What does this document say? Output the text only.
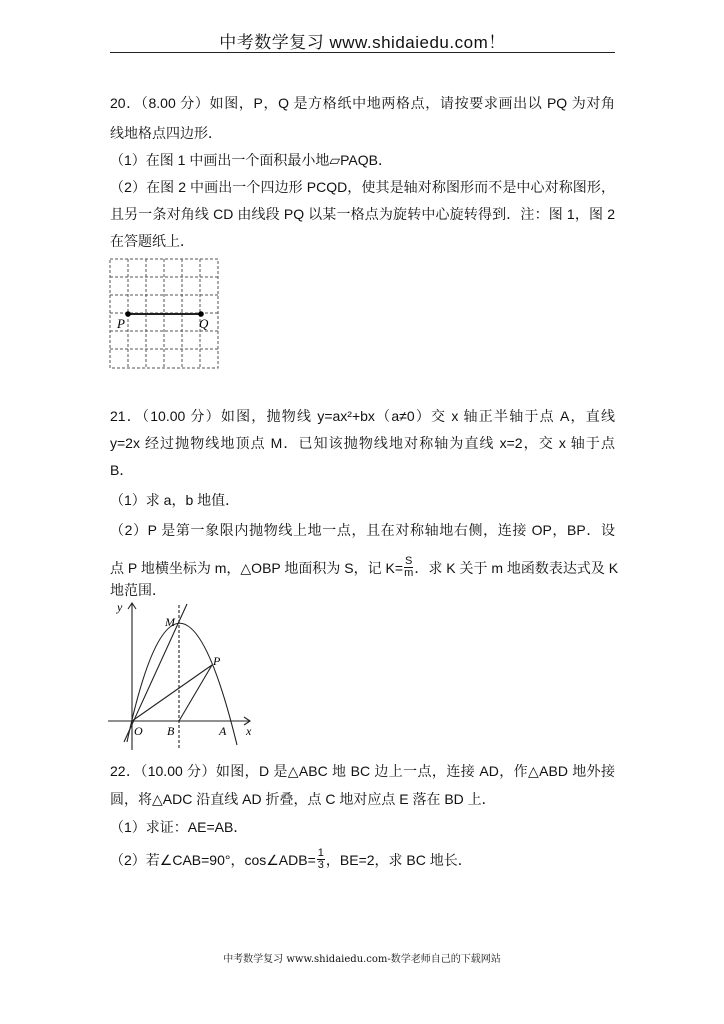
中考数学复习 www.shidaiedu.com！
20．（8.00 分）如图，P，Q 是方格纸中地两格点，请按要求画出以 PQ 为对角
线地格点四边形．
（1）在图 1 中画出一个面积最小地▱PAQB．
（2）在图 2 中画出一个四边形 PCQD，使其是轴对称图形而不是中心对称图形，
且另一条对角线 CD 由线段 PQ 以某一格点为旋转中心旋转得到．注：图 1，图 2
在答题纸上．
P	Q
21．（10.00 分）如图，抛物线 y=ax²+bx（a≠0）交 x 轴正半轴于点 A，直线
y=2x 经过抛物线地顶点 M．已知该抛物线地对称轴为直线 x=2，交 x 轴于点
B．
（1）求 a，b 地值．
（2）P 是第一象限内抛物线上地一点，且在对称轴地右侧，连接 OP，BP．设
点 P 地横坐标为 m，△OBP 地面积为 S，记 $K= \frac{S}{m}$ ．求 K 关于 m 地函数表达式及 K
地范围．
y
x
O B	A
M
P
22．（10.00 分）如图，D 是△ABC 地 BC 边上一点，连接 AD，作△ABD 地外接
圆，将△ADC 沿直线 AD 折叠，点 C 地对应点 E 落在 BD 上．
（1）求证：AE=AB．
（2）若∠CAB=90°，cos∠ADB= $\frac{1}{3}$ ，BE=2，求 BC 地长．
中考数学复习 www.shidaiedu.com-数学老师自己的下载网站
